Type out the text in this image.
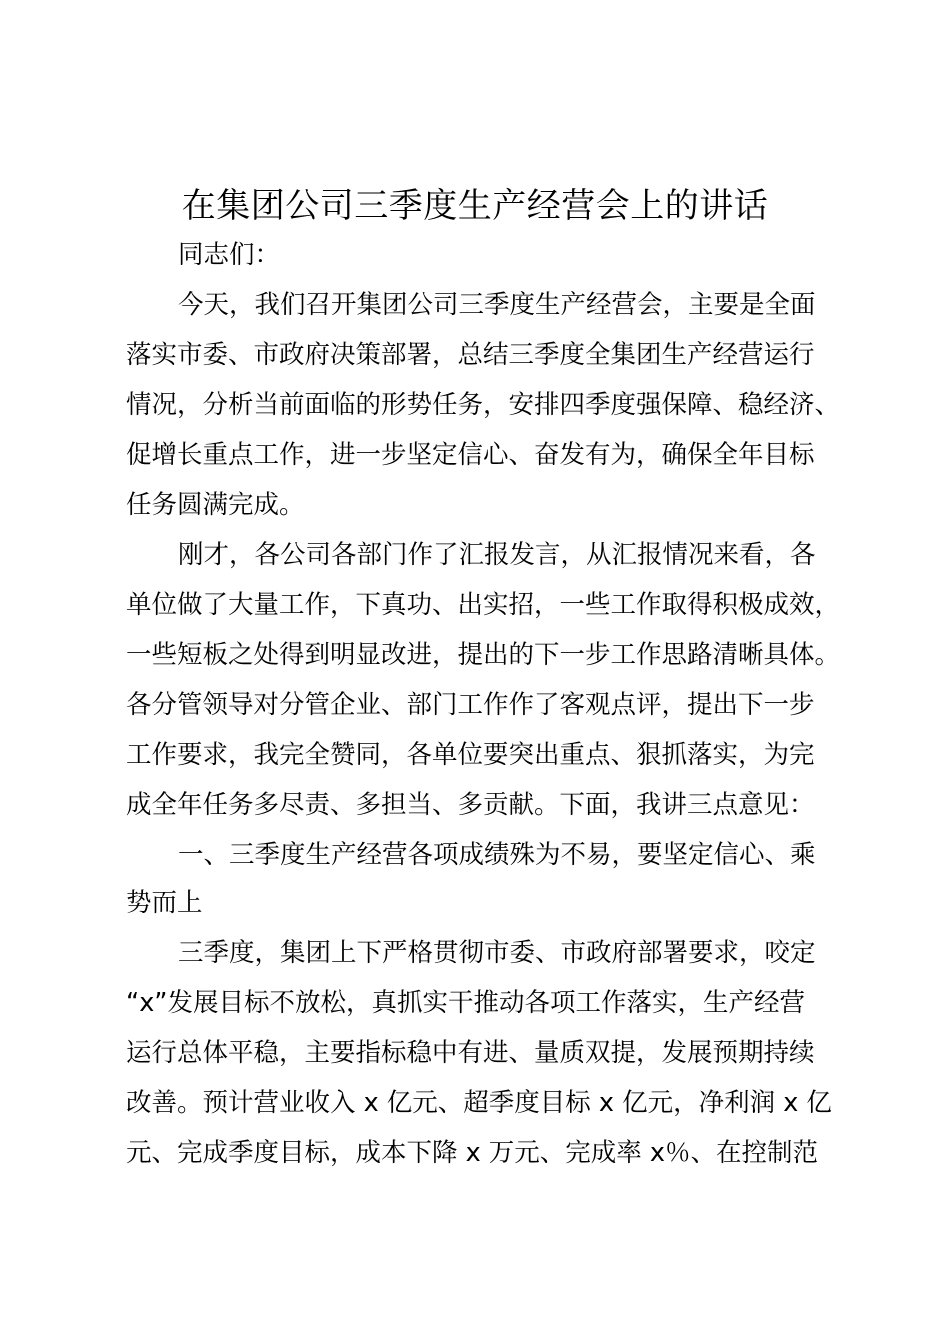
在集团公司三季度生产经营会上的讲话
同志们：
今天，我们召开集团公司三季度生产经营会，主要是全面
落实市委、市政府决策部署，总结三季度全集团生产经营运行
情况，分析当前面临的形势任务，安排四季度强保障、稳经济、
促增长重点工作，进一步坚定信心、奋发有为，确保全年目标
任务圆满完成。
刚才，各公司各部门作了汇报发言，从汇报情况来看，各
单位做了大量工作，下真功、出实招，一些工作取得积极成效，
一些短板之处得到明显改进，提出的下一步工作思路清晰具体。
各分管领导对分管企业、部门工作作了客观点评，提出下一步
工作要求，我完全赞同，各单位要突出重点、狠抓落实，为完
成全年任务多尽责、多担当、多贡献。下面，我讲三点意见：
一、三季度生产经营各项成绩殊为不易，要坚定信心、乘
势而上
三季度，集团上下严格贯彻市委、市政府部署要求，咬定
“x”发展目标不放松，真抓实干推动各项工作落实，生产经营
运行总体平稳，主要指标稳中有进、量质双提，发展预期持续
改善。预计营业收入 x 亿元、超季度目标 x 亿元，净利润 x 亿
元、完成季度目标，成本下降 x 万元、完成率 x％、在控制范
